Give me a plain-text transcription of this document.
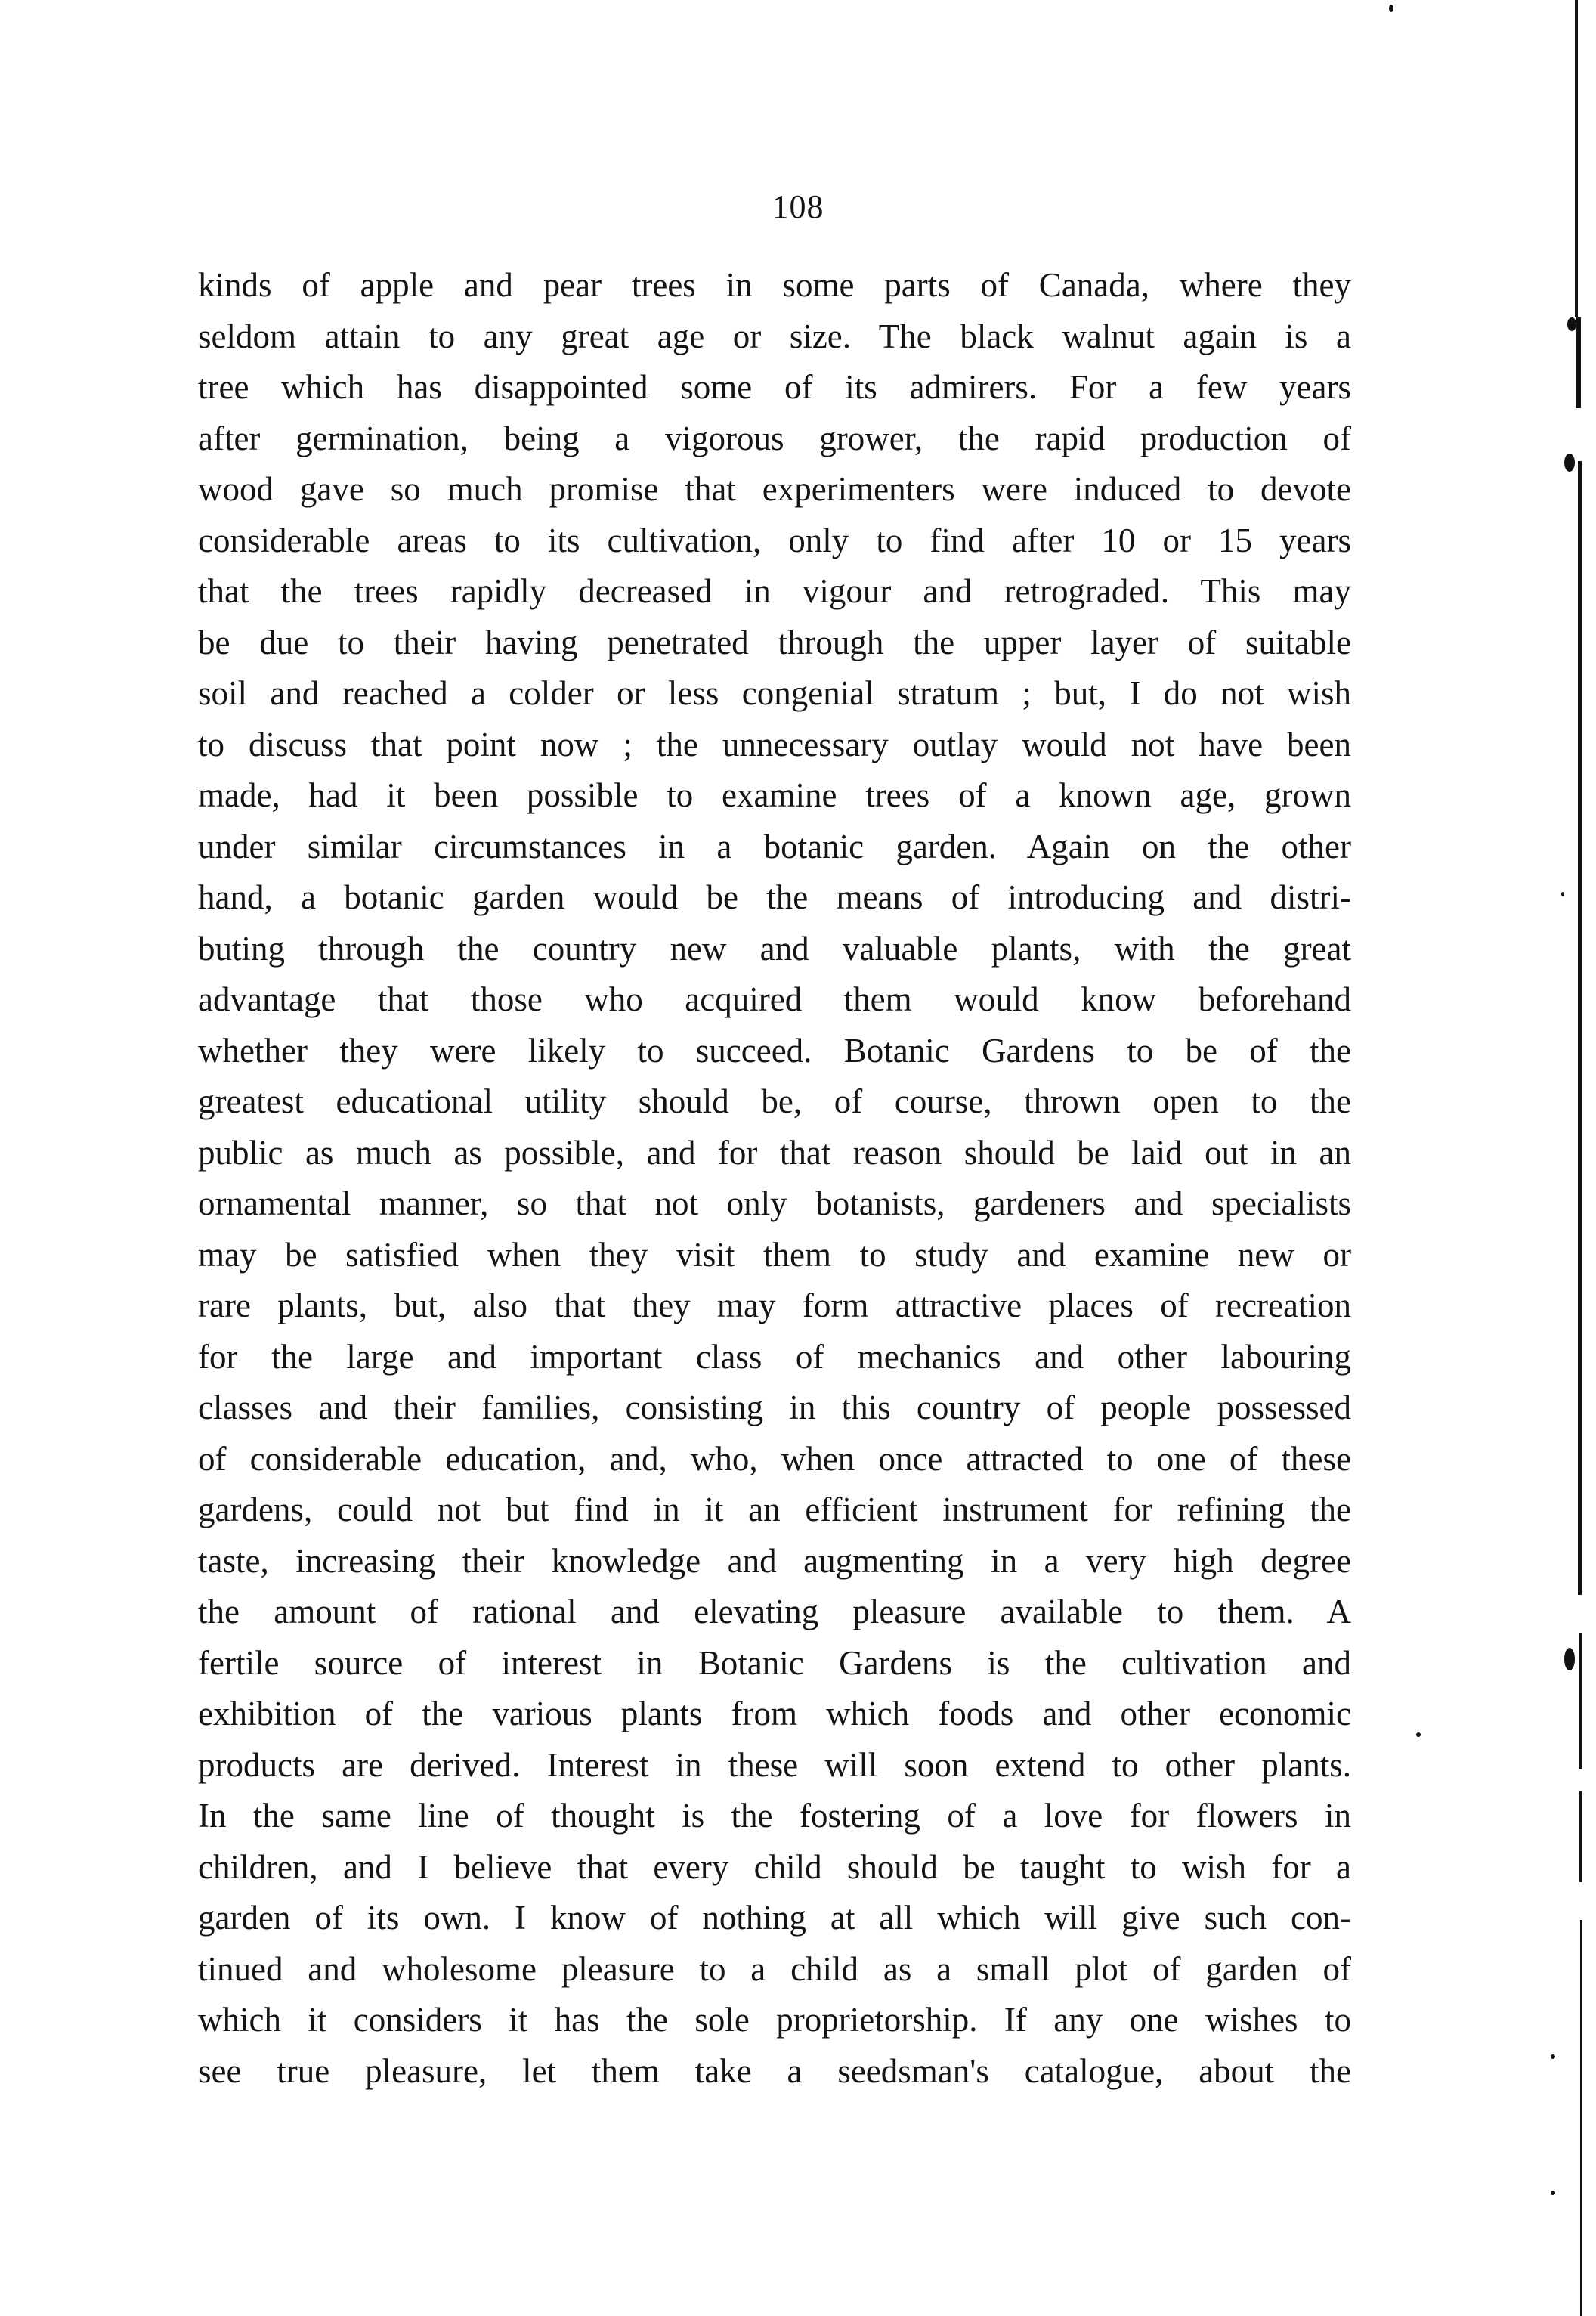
108
kinds of apple and pear trees in some parts of Canada, where they
seldom attain to any great age or size. The black walnut again is a
tree which has disappointed some of its admirers. For a few years
after germination, being a vigorous grower, the rapid production of
wood gave so much promise that experimenters were induced to devote
considerable areas to its cultivation, only to find after 10 or 15 years
that the trees rapidly decreased in vigour and retrograded. This may
be due to their having penetrated through the upper layer of suitable
soil and reached a colder or less congenial stratum ; but, I do not wish
to discuss that point now ; the unnecessary outlay would not have been
made, had it been possible to examine trees of a known age, grown
under similar circumstances in a botanic garden. Again on the other
hand, a botanic garden would be the means of introducing and distri-
buting through the country new and valuable plants, with the great
advantage that those who acquired them would know beforehand
whether they were likely to succeed. Botanic Gardens to be of the
greatest educational utility should be, of course, thrown open to the
public as much as possible, and for that reason should be laid out in an
ornamental manner, so that not only botanists, gardeners and specialists
may be satisfied when they visit them to study and examine new or
rare plants, but, also that they may form attractive places of recreation
for the large and important class of mechanics and other labouring
classes and their families, consisting in this country of people possessed
of considerable education, and, who, when once attracted to one of these
gardens, could not but find in it an efficient instrument for refining the
taste, increasing their knowledge and augmenting in a very high degree
the amount of rational and elevating pleasure available to them. A
fertile source of interest in Botanic Gardens is the cultivation and
exhibition of the various plants from which foods and other economic
products are derived. Interest in these will soon extend to other plants.
In the same line of thought is the fostering of a love for flowers in
children, and I believe that every child should be taught to wish for a
garden of its own. I know of nothing at all which will give such con-
tinued and wholesome pleasure to a child as a small plot of garden of
which it considers it has the sole proprietorship. If any one wishes to
see true pleasure, let them take a seedsman's catalogue, about the
